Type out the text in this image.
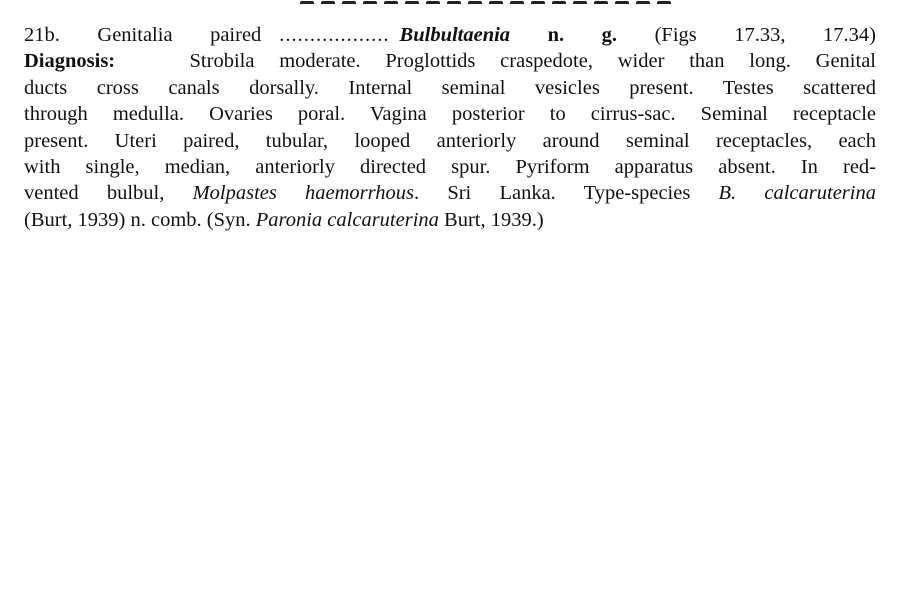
21b. Genitalia paired .................. Bulbultaenia n. g. (Figs 17.33, 17.34)
Diagnosis:	Strobila moderate. Proglottids craspedote, wider than long. Genital
ducts cross canals dorsally. Internal seminal vesicles present. Testes scattered
through medulla. Ovaries poral. Vagina posterior to cirrus-sac. Seminal receptacle
present. Uteri paired, tubular, looped anteriorly around seminal receptacles, each
with single, median, anteriorly directed spur. Pyriform apparatus absent. In red-
vented bulbul, Molpastes haemorrhous. Sri Lanka. Type-species B. calcaruterina
(Burt, 1939) n. comb. (Syn. Paronia calcaruterina Burt, 1939.)
